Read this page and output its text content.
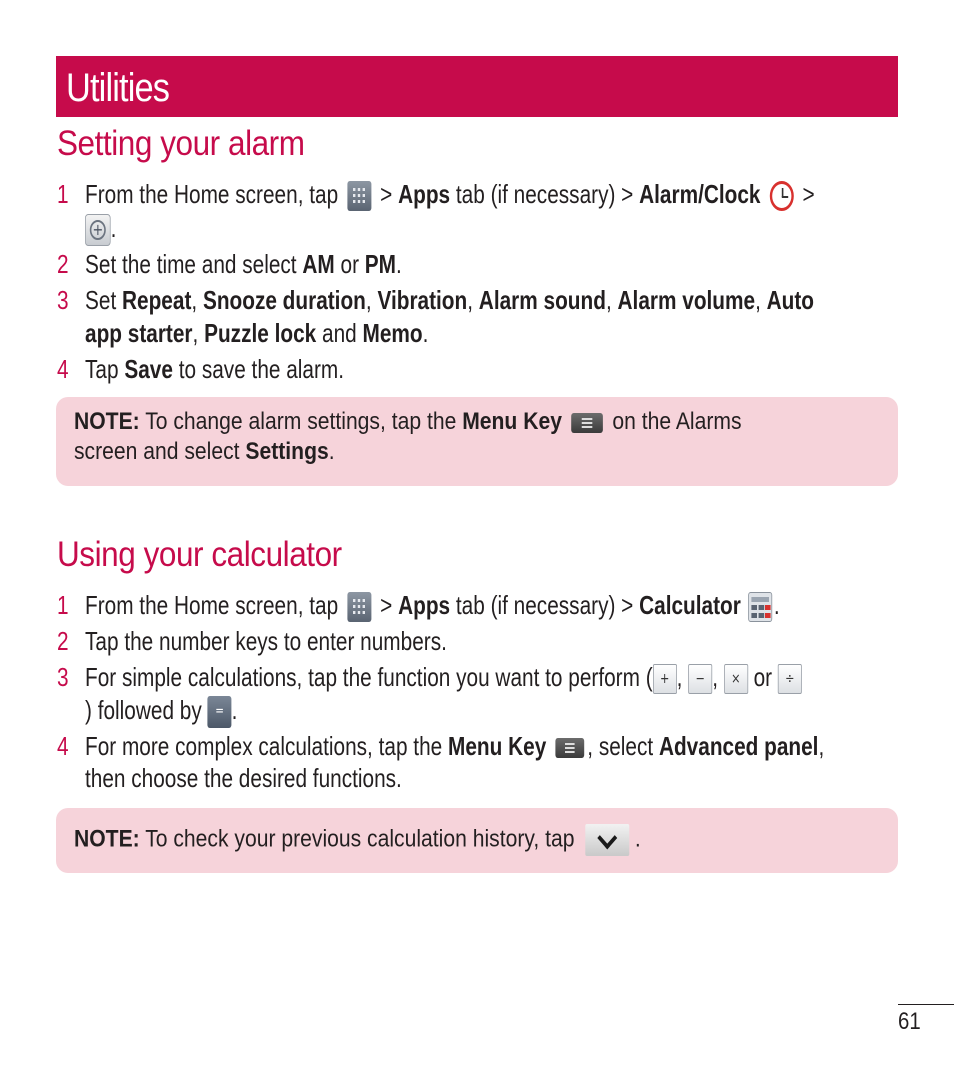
Utilities
Setting your alarm
1 From the Home screen, tap > Apps tab (if necessary) > Alarm/Clock >
+ .
2 Set the time and select AM or PM.
3 Set Repeat, Snooze duration, Vibration, Alarm sound, Alarm volume, Auto
app starter, Puzzle lock and Memo.
4 Tap Save to save the alarm.
NOTE: To change alarm settings, tap the Menu Key on the Alarms
screen and select Settings.
Using your calculator
1 From the Home screen, tap > Apps tab (if necessary) > Calculator .
2 Tap the number keys to enter numbers.
3 For simple calculations, tap the function you want to perform ( + , − , × or ÷
) followed by = .
4 For more complex calculations, tap the Menu Key , select Advanced panel,
then choose the desired functions.
NOTE: To check your previous calculation history, tap	.
61
